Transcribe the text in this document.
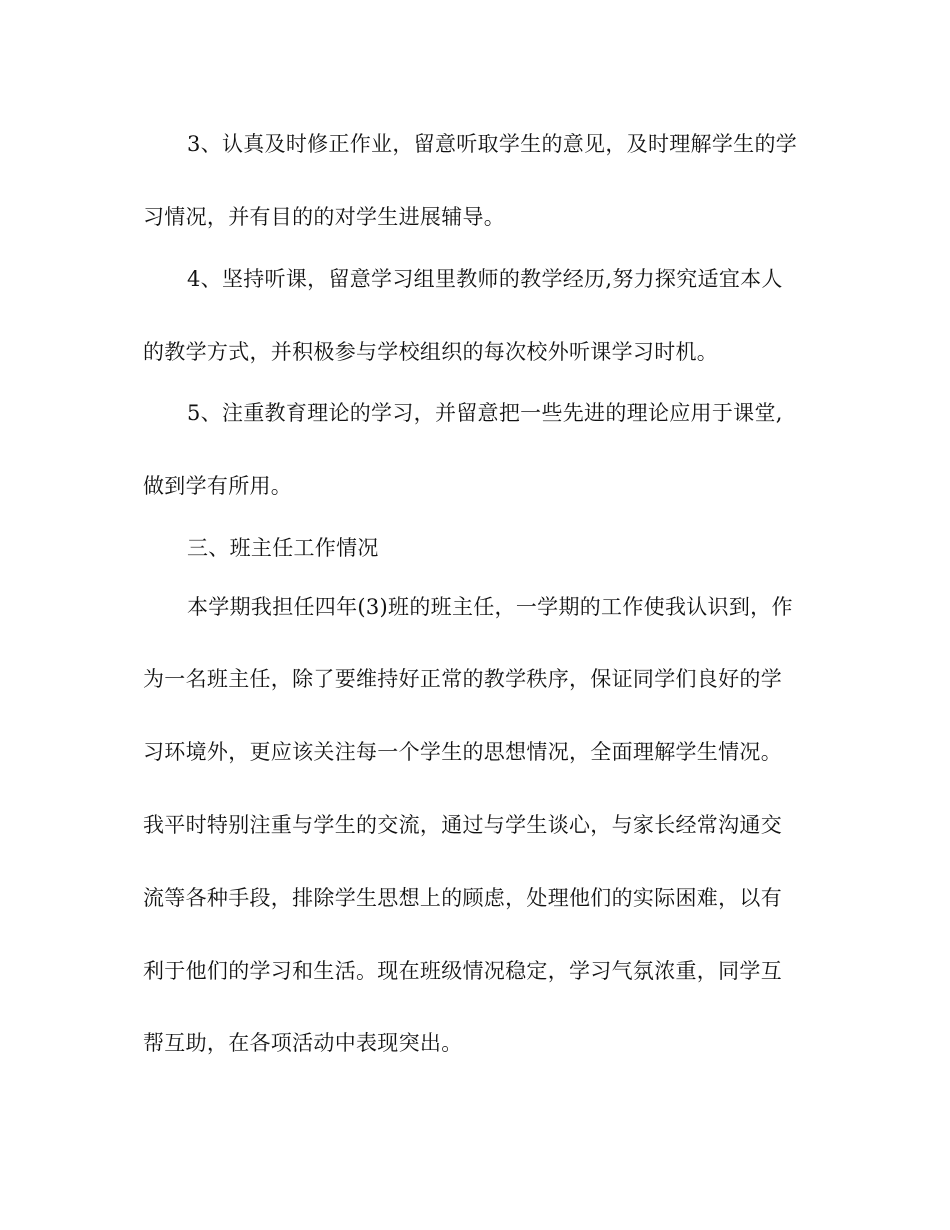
3、认真及时修正作业，留意听取学生的意见，及时理解学生的学
习情况，并有目的的对学生进展辅导。
4、坚持听课，留意学习组里教师的教学经历,努力探究适宜本人
的教学方式，并积极参与学校组织的每次校外听课学习时机。
5、注重教育理论的学习，并留意把一些先进的理论应用于课堂,
做到学有所用。
三、班主任工作情况
本学期我担任四年(3)班的班主任，一学期的工作使我认识到，作
为一名班主任，除了要维持好正常的教学秩序，保证同学们良好的学
习环境外，更应该关注每一个学生的思想情况，全面理解学生情况。
我平时特别注重与学生的交流，通过与学生谈心，与家长经常沟通交
流等各种手段，排除学生思想上的顾虑，处理他们的实际困难，以有
利于他们的学习和生活。现在班级情况稳定，学习气氛浓重，同学互
帮互助，在各项活动中表现突出。
